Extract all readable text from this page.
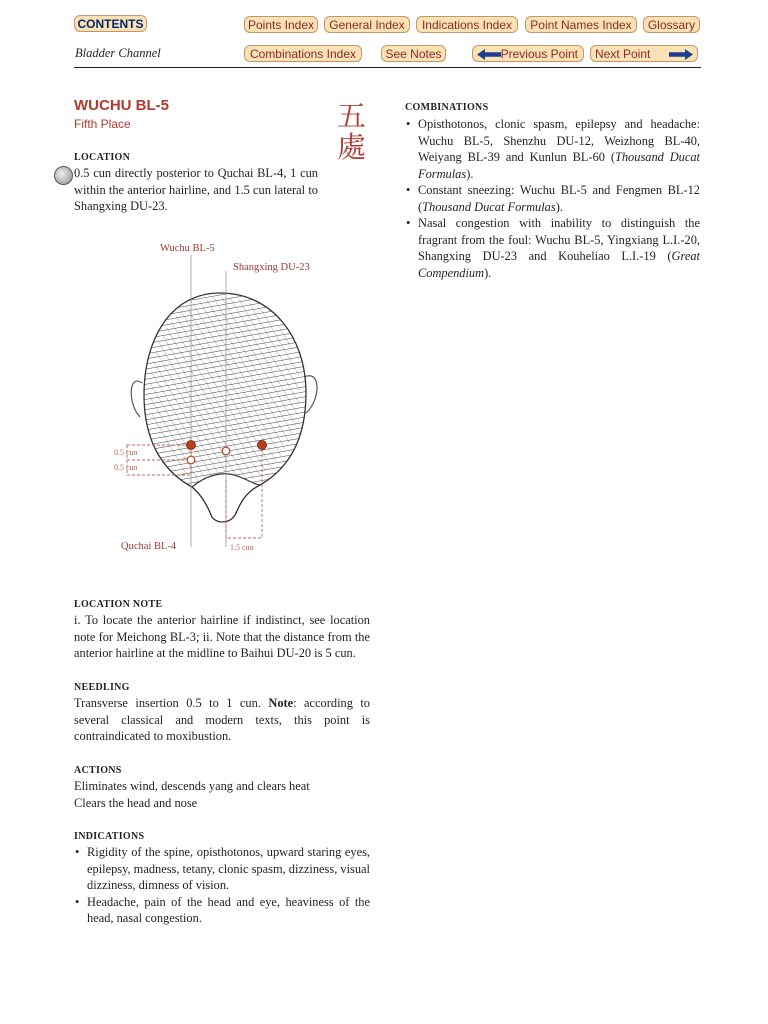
CONTENTS	Points Index	General Index	Indications Index	Point Names Index	Glossary
Bladder Channel	Combinations Index	See Notes	Previous Point	Next Point
WUCHU BL-5
Fifth Place	五
處
LOCATION
0.5 cun directly posterior to Quchai BL-4, 1 cun within the anterior hairline, and 1.5 cun lateral to Shangxing DU-23.
Wuchu BL-5
Shangxing DU-23
Quchai BL-4
0.5 cun
0.5 cun
1.5 cun
LOCATION NOTE
i. To locate the anterior hairline if indistinct, see location note for Meichong BL-3; ii. Note that the distance from the anterior hairline at the midline to Baihui DU-20 is 5 cun.
NEEDLING
Transverse insertion 0.5 to 1 cun. Note: according to several classical and modern texts, this point is contraindicated to moxibustion.
ACTIONS
Eliminates wind, descends yang and clears heat
Clears the head and nose
INDICATIONS
• Rigidity of the spine, opisthotonos, upward staring eyes, epilepsy, madness, tetany, clonic spasm, dizziness, visual dizziness, dimness of vision.
• Headache, pain of the head and eye, heaviness of the head, nasal congestion.
COMBINATIONS
• Opisthotonos, clonic spasm, epilepsy and headache: Wuchu BL-5, Shenzhu DU-12, Weizhong BL-40, Weiyang BL-39 and Kunlun BL-60 (Thousand Ducat Formulas).
• Constant sneezing: Wuchu BL-5 and Fengmen BL-12 (Thousand Ducat Formulas).
• Nasal congestion with inability to distinguish the fragrant from the foul: Wuchu BL-5, Yingxiang L.I.-20, Shangxing DU-23 and Kouheliao L.I.-19 (Great Compendium).
